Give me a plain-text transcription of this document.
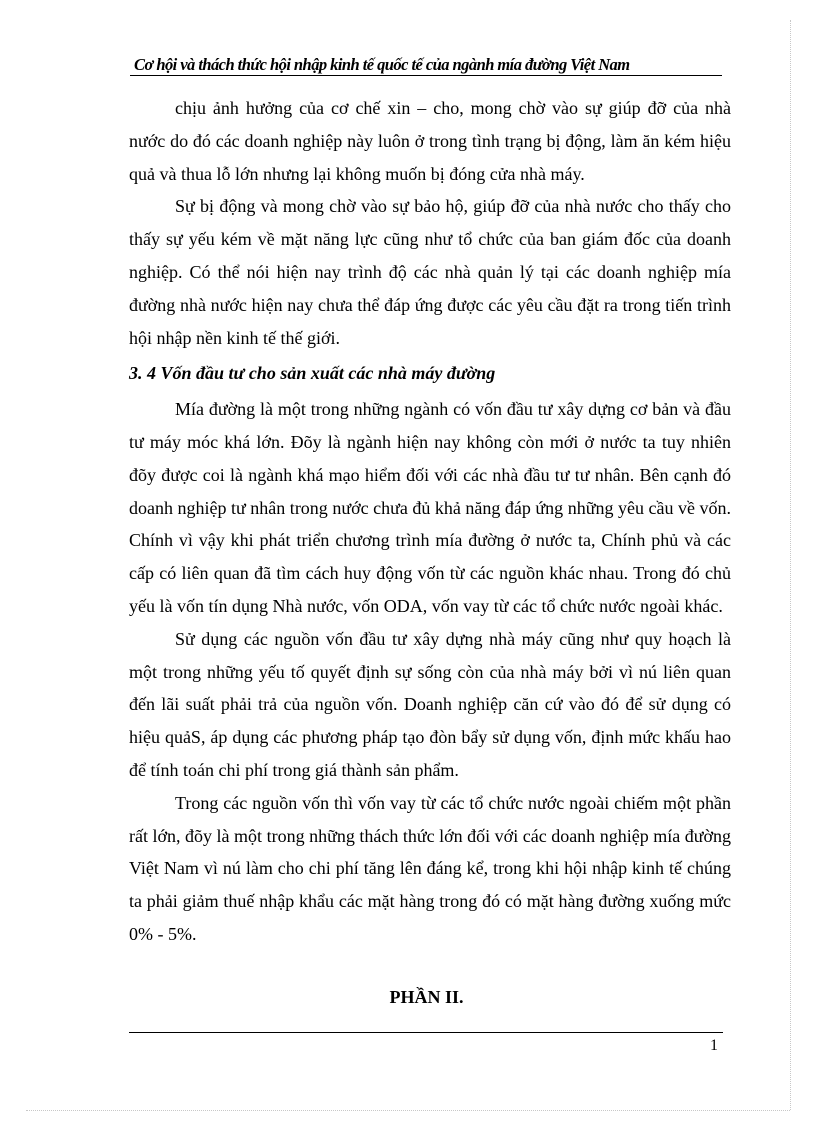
Cơ hội và thách thức hội nhập kinh tế quốc tế của ngành mía đường Việt Nam

chịu ảnh hưởng của cơ chế xin – cho, mong chờ vào sự giúp đỡ của nhà nước do đó các doanh nghiệp này luôn ở trong tình trạng bị động, làm ăn kém hiệu quả và thua lỗ lớn nhưng lại không muốn bị đóng cửa nhà máy.

Sự bị động và mong chờ vào sự bảo hộ, giúp đỡ của nhà nước cho thấy cho thấy sự yếu kém về mặt năng lực cũng như tổ chức của ban giám đốc của doanh nghiệp. Có thể nói hiện nay trình độ các nhà quản lý tại các doanh nghiệp mía đường nhà nước hiện nay chưa thể đáp ứng được các yêu cầu đặt ra trong tiến trình hội nhập nền kinh tế thế giới.

3. 4 Vốn đầu tư cho sản xuất các nhà máy đường

Mía đường là một trong những ngành có vốn đầu tư xây dựng cơ bản và đầu tư máy móc khá lớn. Đõy là ngành hiện nay không còn mới ở nước ta tuy nhiên đõy được coi là ngành khá mạo hiểm đối với các nhà đầu tư tư nhân. Bên cạnh đó doanh nghiệp tư nhân trong nước chưa đủ khả năng đáp ứng những yêu cầu về vốn. Chính vì vậy khi phát triển chương trình mía đường ở nước ta, Chính phủ và các cấp có liên quan đã tìm cách huy động vốn từ các nguồn khác nhau. Trong đó chủ yếu là vốn tín dụng Nhà nước, vốn ODA, vốn vay từ các tổ chức nước ngoài khác.

Sử dụng các nguồn vốn đầu tư xây dựng nhà máy cũng như quy hoạch là một trong những yếu tố quyết định sự sống còn của nhà máy bởi vì nú liên quan đến lãi suất phải trả của nguồn vốn. Doanh nghiệp căn cứ vào đó để sử dụng có hiệu quảS, áp dụng các phương pháp tạo đòn bẩy sử dụng vốn, định mức khấu hao để tính toán chi phí trong giá thành sản phẩm.

Trong các nguồn vốn thì vốn vay từ các tổ chức nước ngoài chiếm một phần rất lớn, đõy là một trong những thách thức lớn đối với các doanh nghiệp mía đường Việt Nam vì nú làm cho chi phí tăng lên đáng kể, trong khi hội nhập kinh tế chúng ta phải giảm thuế nhập khẩu các mặt hàng trong đó có mặt hàng đường xuống mức 0% - 5%.

PHẦN II.
1
